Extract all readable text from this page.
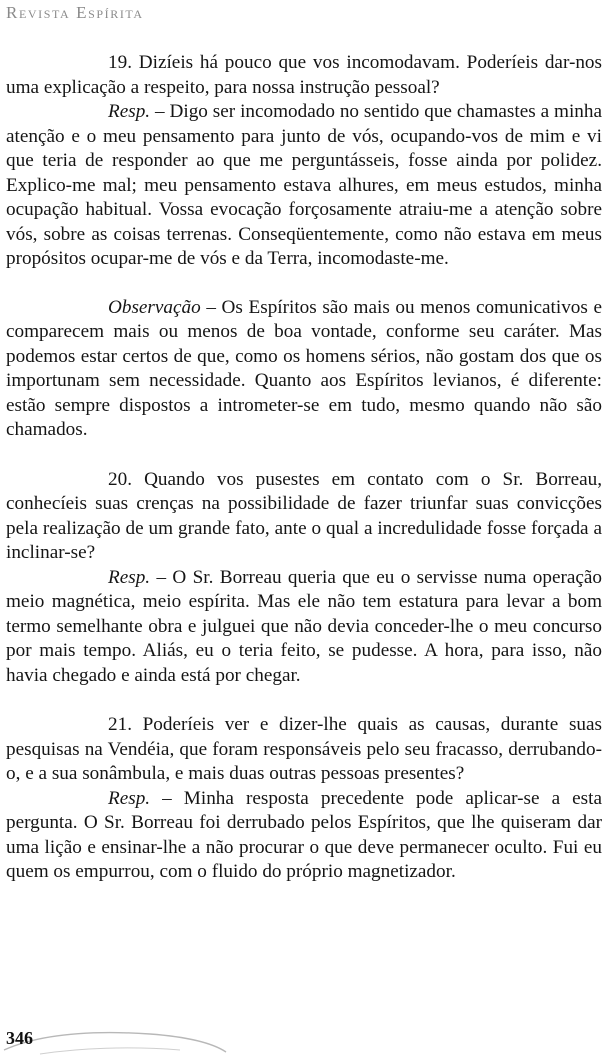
Revista Espírita

19. Dizíeis há pouco que vos incomodavam. Poderíeis dar-nos uma explicação a respeito, para nossa instrução pessoal?

Resp. – Digo ser incomodado no sentido que chamastes a minha atenção e o meu pensamento para junto de vós, ocupando-vos de mim e vi que teria de responder ao que me perguntásseis, fosse ainda por polidez. Explico-me mal; meu pensamento estava alhures, em meus estudos, minha ocupação habitual. Vossa evocação forçosamente atraiu-me a atenção sobre vós, sobre as coisas terrenas. Conseqüentemente, como não estava em meus propósitos ocupar-me de vós e da Terra, incomodaste-me.

Observação – Os Espíritos são mais ou menos comunicativos e comparecem mais ou menos de boa vontade, conforme seu caráter. Mas podemos estar certos de que, como os homens sérios, não gostam dos que os importunam sem necessidade. Quanto aos Espíritos levianos, é diferente: estão sempre dispostos a intrometer-se em tudo, mesmo quando não são chamados.

20. Quando vos pusestes em contato com o Sr. Borreau, conhecíeis suas crenças na possibilidade de fazer triunfar suas convicções pela realização de um grande fato, ante o qual a incredulidade fosse forçada a inclinar-se?

Resp. – O Sr. Borreau queria que eu o servisse numa operação meio magnética, meio espírita. Mas ele não tem estatura para levar a bom termo semelhante obra e julguei que não devia conceder-lhe o meu concurso por mais tempo. Aliás, eu o teria feito, se pudesse. A hora, para isso, não havia chegado e ainda está por chegar.

21. Poderíeis ver e dizer-lhe quais as causas, durante suas pesquisas na Vendéia, que foram responsáveis pelo seu fracasso, derrubando-o, e a sua sonâmbula, e mais duas outras pessoas presentes?

Resp. – Minha resposta precedente pode aplicar-se a esta pergunta. O Sr. Borreau foi derrubado pelos Espíritos, que lhe quiseram dar uma lição e ensinar-lhe a não procurar o que deve permanecer oculto. Fui eu quem os empurrou, com o fluido do próprio magnetizador.

346
